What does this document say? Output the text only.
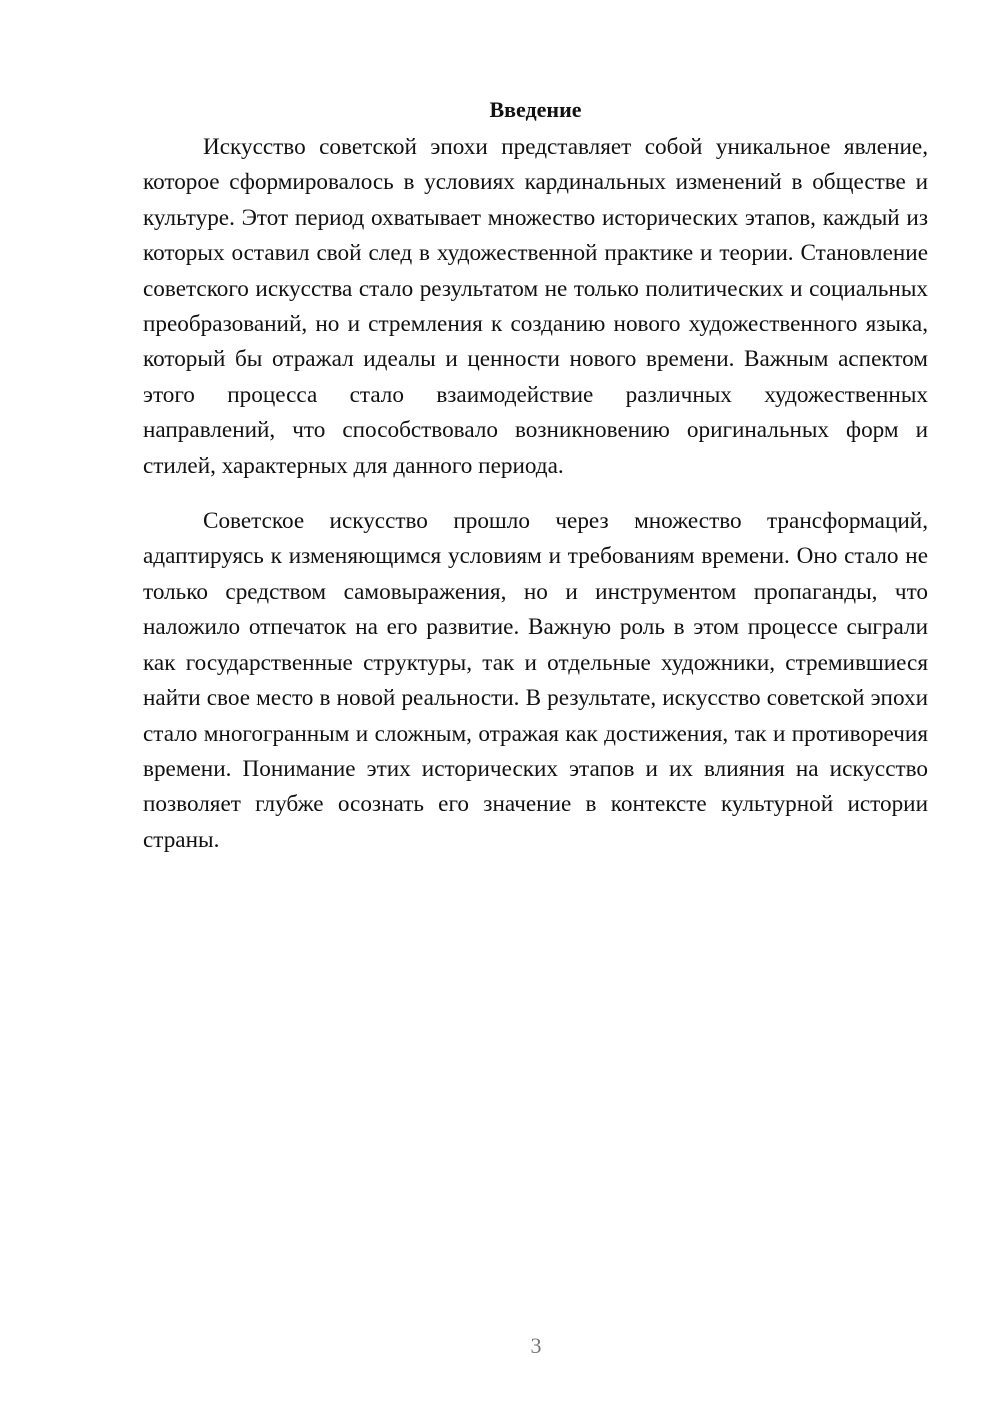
Введение

Искусство советской эпохи представляет собой уникальное явление, которое сформировалось в условиях кардинальных изменений в обществе и культуре. Этот период охватывает множество исторических этапов, каждый из которых оставил свой след в художественной практике и теории. Становление советского искусства стало результатом не только политических и социальных преобразований, но и стремления к созданию нового художественного языка, который бы отражал идеалы и ценности нового времени. Важным аспектом этого процесса стало взаимодействие различных художественных направлений, что способствовало возникновению оригинальных форм и стилей, характерных для данного периода.

Советское искусство прошло через множество трансформаций, адаптируясь к изменяющимся условиям и требованиям времени. Оно стало не только средством самовыражения, но и инструментом пропаганды, что наложило отпечаток на его развитие. Важную роль в этом процессе сыграли как государственные структуры, так и отдельные художники, стремившиеся найти свое место в новой реальности. В результате, искусство советской эпохи стало многогранным и сложным, отражая как достижения, так и противоречия времени. Понимание этих исторических этапов и их влияния на искусство позволяет глубже осознать его значение в контексте культурной истории страны.

3
